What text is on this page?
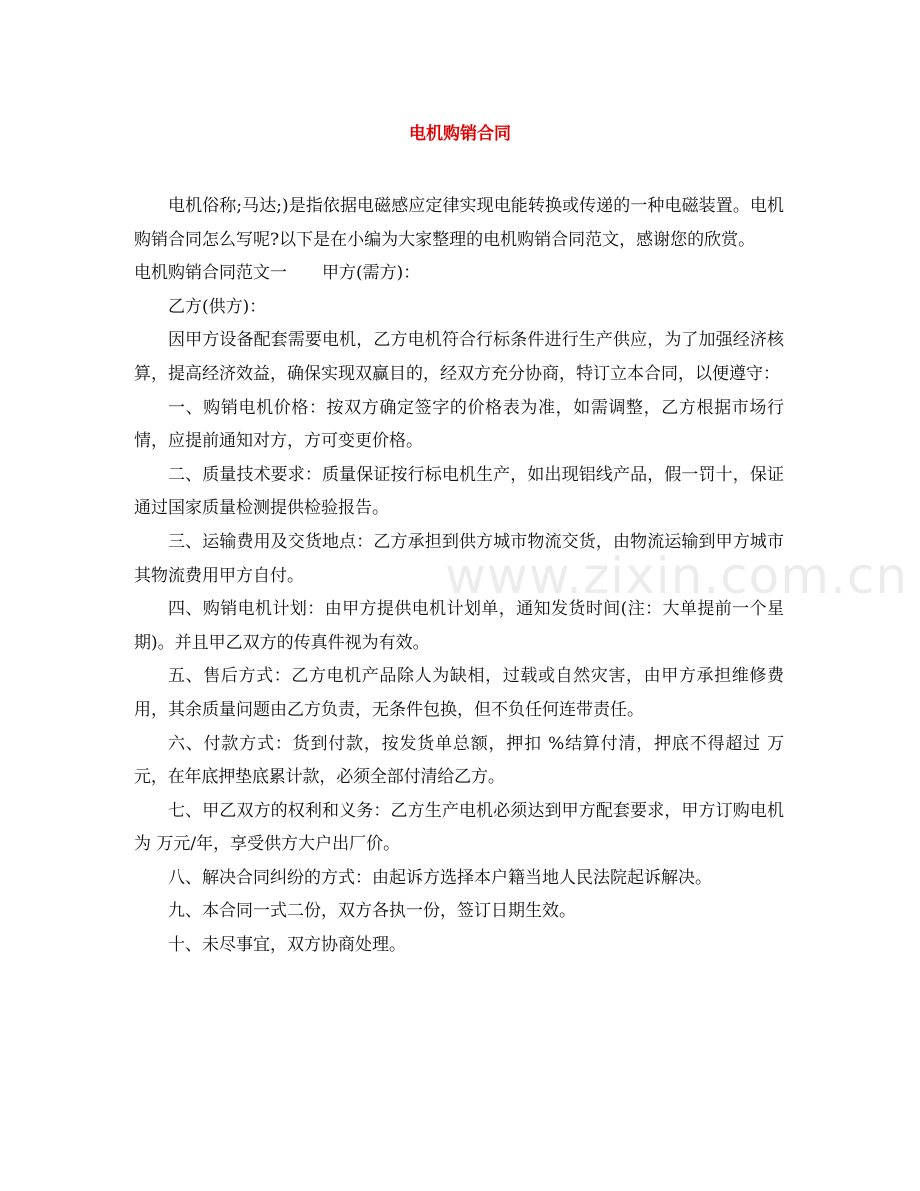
电机购销合同

电机俗称;马达;)是指依据电磁感应定律实现电能转换或传递的一种电磁装置。电机购销合同怎么写呢?以下是在小编为大家整理的电机购销合同范文，感谢您的欣赏。

电机购销合同范文一 甲方(需方)：

乙方(供方)：

因甲方设备配套需要电机，乙方电机符合行标条件进行生产供应，为了加强经济核算，提高经济效益，确保实现双赢目的，经双方充分协商，特订立本合同，以便遵守：

一、购销电机价格：按双方确定签字的价格表为准，如需调整，乙方根据市场行情，应提前通知对方，方可变更价格。

二、质量技术要求：质量保证按行标电机生产，如出现铝线产品，假一罚十，保证通过国家质量检测提供检验报告。

三、运输费用及交货地点：乙方承担到供方城市物流交货，由物流运输到甲方城市其物流费用甲方自付。

四、购销电机计划：由甲方提供电机计划单，通知发货时间(注：大单提前一个星期)。并且甲乙双方的传真件视为有效。

五、售后方式：乙方电机产品除人为缺相，过载或自然灾害，由甲方承担维修费用，其余质量问题由乙方负责，无条件包换，但不负任何连带责任。

六、付款方式：货到付款，按发货单总额，押扣 %结算付清，押底不得超过 万元，在年底押垫底累计款，必须全部付清给乙方。

七、甲乙双方的权利和义务：乙方生产电机必须达到甲方配套要求，甲方订购电机为 万元/年，享受供方大户出厂价。

八、解决合同纠纷的方式：由起诉方选择本户籍当地人民法院起诉解决。

九、本合同一式二份，双方各执一份，签订日期生效。

十、未尽事宜，双方协商处理。

www.zixin.com.cn
